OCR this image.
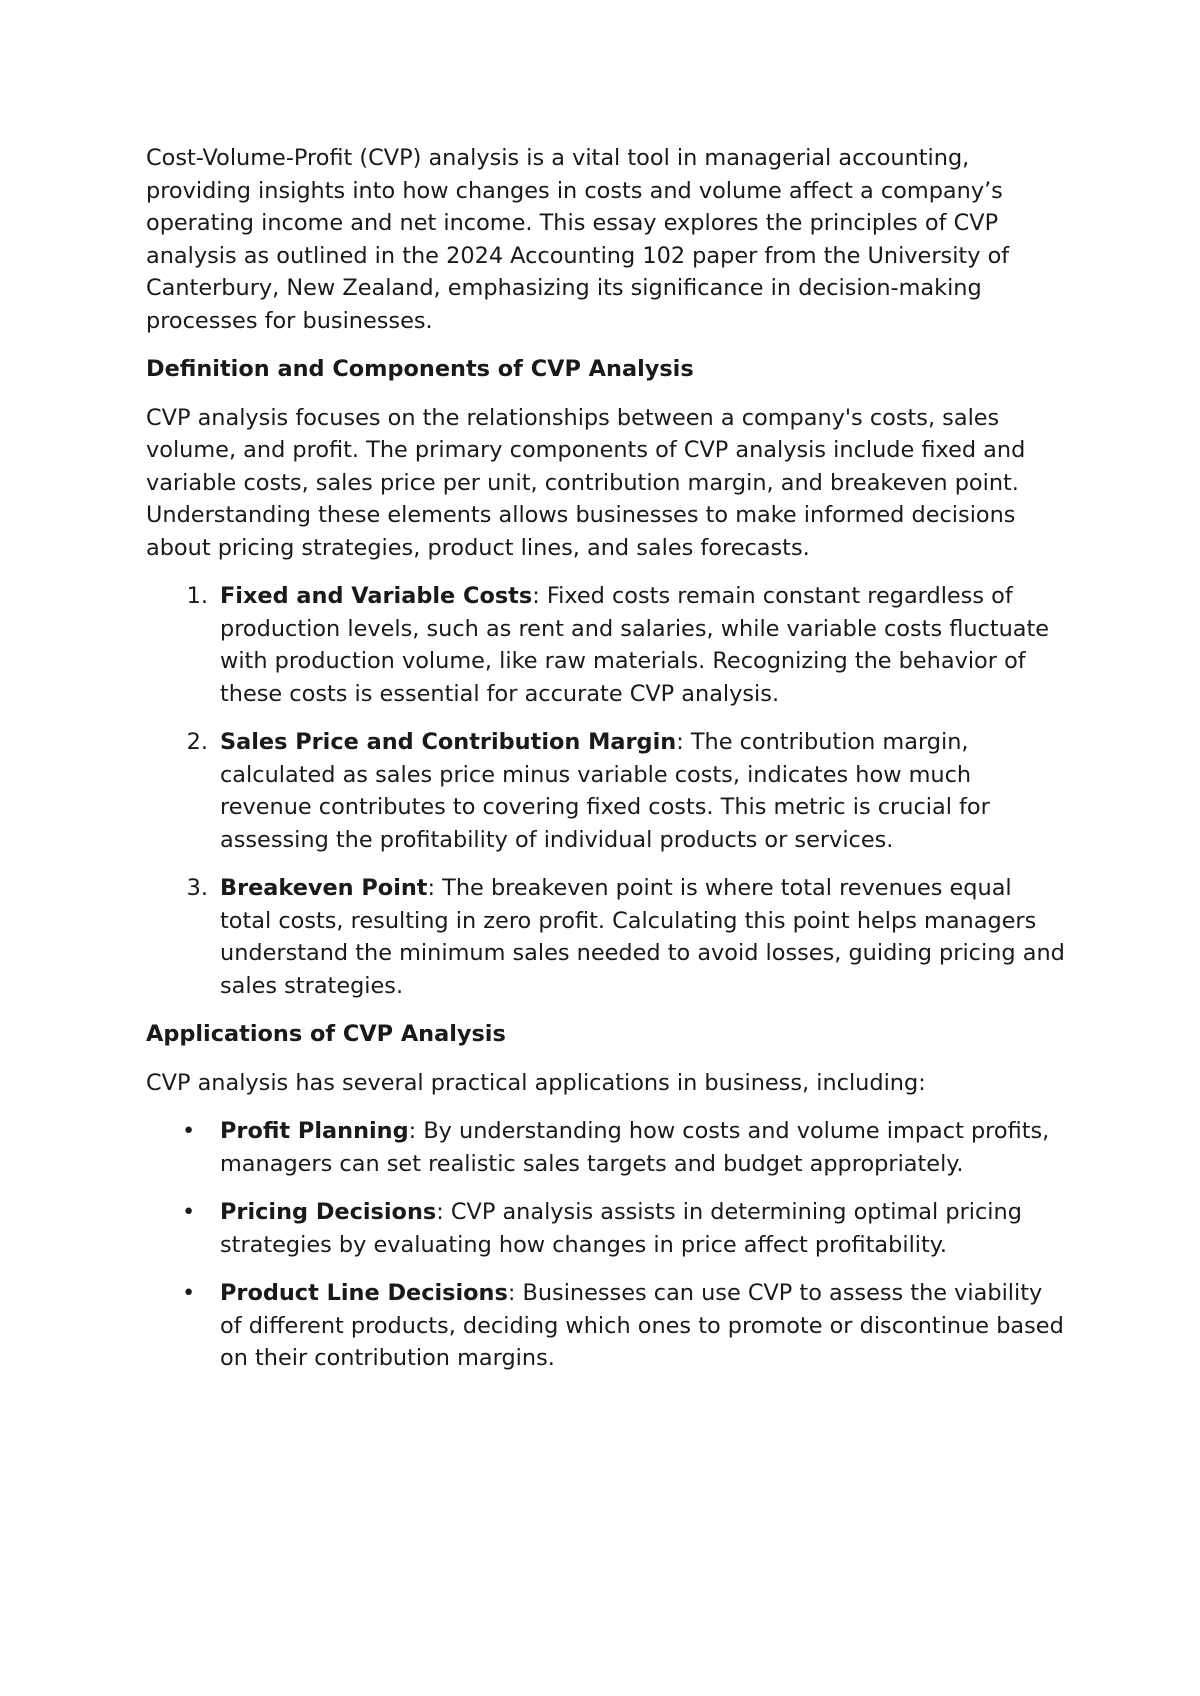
Cost-Volume-Profit (CVP) analysis is a vital tool in managerial accounting, providing insights into how changes in costs and volume affect a company’s operating income and net income. This essay explores the principles of CVP analysis as outlined in the 2024 Accounting 102 paper from the University of Canterbury, New Zealand, emphasizing its significance in decision-making processes for businesses.

Definition and Components of CVP Analysis

CVP analysis focuses on the relationships between a company's costs, sales volume, and profit. The primary components of CVP analysis include fixed and variable costs, sales price per unit, contribution margin, and breakeven point. Understanding these elements allows businesses to make informed decisions about pricing strategies, product lines, and sales forecasts.

1. Fixed and Variable Costs: Fixed costs remain constant regardless of production levels, such as rent and salaries, while variable costs fluctuate with production volume, like raw materials. Recognizing the behavior of these costs is essential for accurate CVP analysis.
2. Sales Price and Contribution Margin: The contribution margin, calculated as sales price minus variable costs, indicates how much revenue contributes to covering fixed costs. This metric is crucial for assessing the profitability of individual products or services.
3. Breakeven Point: The breakeven point is where total revenues equal total costs, resulting in zero profit. Calculating this point helps managers understand the minimum sales needed to avoid losses, guiding pricing and sales strategies.
Applications of CVP Analysis

CVP analysis has several practical applications in business, including:

• Profit Planning: By understanding how costs and volume impact profits, managers can set realistic sales targets and budget appropriately.
• Pricing Decisions: CVP analysis assists in determining optimal pricing strategies by evaluating how changes in price affect profitability.
• Product Line Decisions: Businesses can use CVP to assess the viability of different products, deciding which ones to promote or discontinue based on their contribution margins.
